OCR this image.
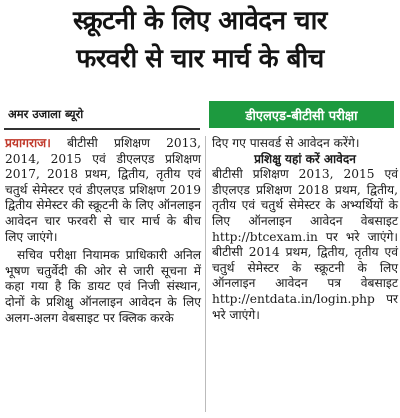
स्क्रूटनी के लिए आवेदन चार
फरवरी से चार मार्च के बीच
अमर उजाला ब्यूरो	डीएलएड-बीटीसी परीक्षा

प्रयागराज। बीटीसी प्रशिक्षण 2013, 2014, 2015 एवं डीएलएड प्रशिक्षण 2017, 2018 प्रथम, द्वितीय, तृतीय एवं चतुर्थ सेमेस्टर एवं डीएलएड प्रशिक्षण 2019 द्वितीय सेमेस्टर की स्क्रूटनी के लिए ऑनलाइन आवेदन चार फरवरी से चार मार्च के बीच लिए जाएंगे।

सचिव परीक्षा नियामक प्राधिकारी अनिल भूषण चतुर्वेदी की ओर से जारी सूचना में कहा गया है कि डायट एवं निजी संस्थान, दोनों के प्रशिक्षु ऑनलाइन आवेदन के लिए अलग-अलग वेबसाइट पर क्लिक करके

दिए गए पासवर्ड से आवेदन करेंगे।

प्रशिक्षु यहां करें आवेदन

बीटीसी प्रशिक्षण 2013, 2015 एवं डीएलएड प्रशिक्षण 2018 प्रथम, द्वितीय, तृतीय एवं चतुर्थ सेमेस्टर के अभ्यर्थियों के लिए ऑनलाइन आवेदन वेबसाइट http://btcexam.in पर भरे जाएंगे। बीटीसी 2014 प्रथम, द्वितीय, तृतीय एवं चतुर्थ सेमेस्टर के स्क्रूटनी के लिए ऑनलाइन आवेदन पत्र वेबसाइट http://entdata.in/login.php पर भरे जाएंगे।
